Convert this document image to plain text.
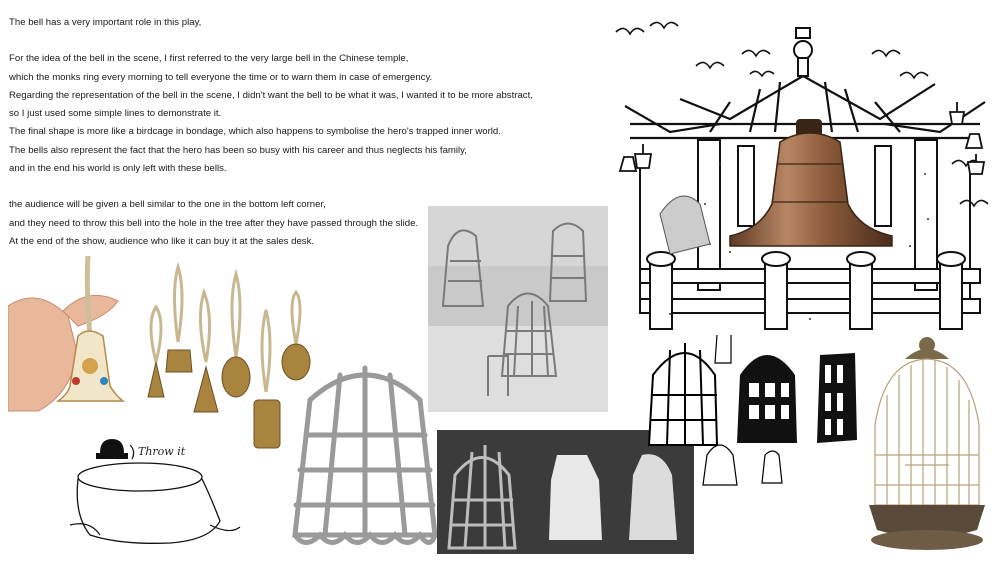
The bell has a very important role in this play,

For the idea of the bell in the scene, I first referred to the very large bell in the Chinese temple,

which the monks ring every morning to tell everyone the time or to warn them in case of emergency.

Regarding the representation of the bell in the scene, I didn't want the bell to be what it was, I wanted it to be more abstract,

so I just used some simple lines to demonstrate it.

The final shape is more like a birdcage in bondage, which also happens to symbolise the hero's trapped inner world.

The bells also represent the fact that the hero has been so busy with his career and thus neglects his family,

and in the end his world is only left with these bells.

the audience will be given a bell similar to the one in the bottom left corner,

and they need to throw this bell into the hole in the tree after they have passed through the slide.

At the end of the show, audience who like it can buy it at the sales desk.

Throw it
